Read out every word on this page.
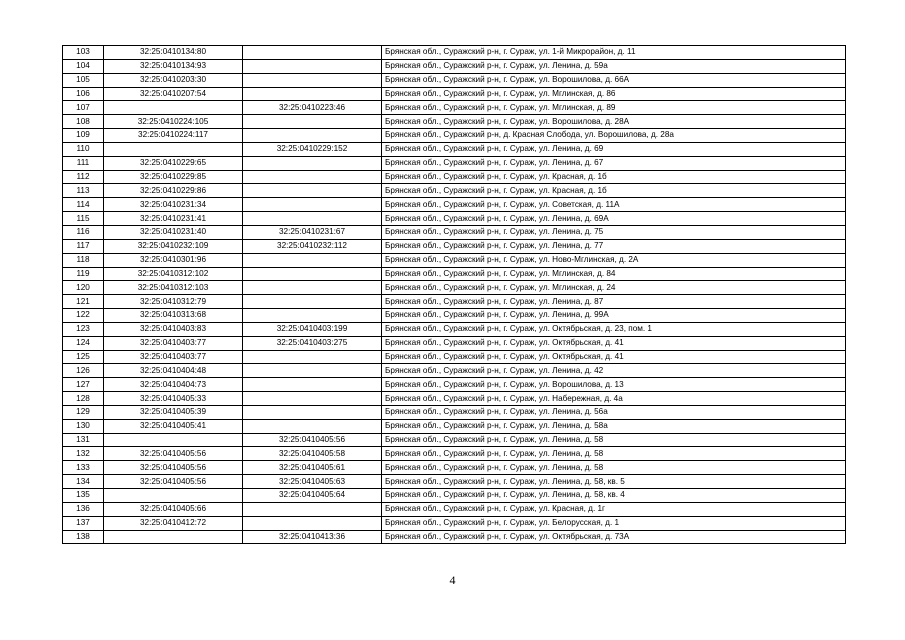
103	32:25:0410134:80		Брянская обл., Суражский р-н, г. Сураж, ул. 1-й Микрорайон, д. 11
104	32:25:0410134:93		Брянская обл., Суражский р-н, г. Сураж, ул. Ленина, д. 59а
105	32:25:0410203:30		Брянская обл., Суражский р-н, г. Сураж, ул. Ворошилова, д. 66А
106	32:25:0410207:54		Брянская обл., Суражский р-н, г. Сураж, ул. Мглинская, д. 86
107		32:25:0410223:46	Брянская обл., Суражский р-н, г. Сураж, ул. Мглинская, д. 89
108	32:25:0410224:105		Брянская обл., Суражский р-н, г. Сураж, ул. Ворошилова, д. 28А
109	32:25:0410224:117		Брянская обл., Суражский р-н, д. Красная Слобода, ул. Ворошилова, д. 28а
110		32:25:0410229:152	Брянская обл., Суражский р-н, г. Сураж, ул. Ленина, д. 69
111	32:25:0410229:65		Брянская обл., Суражский р-н, г. Сураж, ул. Ленина, д. 67
112	32:25:0410229:85		Брянская обл., Суражский р-н, г. Сураж, ул. Красная, д. 1б
113	32:25:0410229:86		Брянская обл., Суражский р-н, г. Сураж, ул. Красная, д. 1б
114	32:25:0410231:34		Брянская обл., Суражский р-н, г. Сураж, ул. Советская, д. 11А
115	32:25:0410231:41		Брянская обл., Суражский р-н, г. Сураж, ул. Ленина, д. 69А
116	32:25:0410231:40	32:25:0410231:67	Брянская обл., Суражский р-н, г. Сураж, ул. Ленина, д. 75
117	32:25:0410232:109	32:25:0410232:112	Брянская обл., Суражский р-н, г. Сураж, ул. Ленина, д. 77
118	32:25:0410301:96		Брянская обл., Суражский р-н, г. Сураж, ул. Ново-Мглинская, д. 2А
119	32:25:0410312:102		Брянская обл., Суражский р-н, г. Сураж, ул. Мглинская, д. 84
120	32:25:0410312:103		Брянская обл., Суражский р-н, г. Сураж, ул. Мглинская, д. 24
121	32:25:0410312:79		Брянская обл., Суражский р-н, г. Сураж, ул. Ленина, д. 87
122	32:25:0410313:68		Брянская обл., Суражский р-н, г. Сураж, ул. Ленина, д. 99А
123	32:25:0410403:83	32:25:0410403:199	Брянская обл., Суражский р-н, г. Сураж, ул. Октябрьская, д. 23, пом. 1
124	32:25:0410403:77	32:25:0410403:275	Брянская обл., Суражский р-н, г. Сураж, ул. Октябрьская, д. 41
125	32:25:0410403:77		Брянская обл., Суражский р-н, г. Сураж, ул. Октябрьская, д. 41
126	32:25:0410404:48		Брянская обл., Суражский р-н, г. Сураж, ул. Ленина, д. 42
127	32:25:0410404:73		Брянская обл., Суражский р-н, г. Сураж, ул. Ворошилова, д. 13
128	32:25:0410405:33		Брянская обл., Суражский р-н, г. Сураж, ул. Набережная, д. 4а
129	32:25:0410405:39		Брянская обл., Суражский р-н, г. Сураж, ул. Ленина, д. 56а
130	32:25:0410405:41		Брянская обл., Суражский р-н, г. Сураж, ул. Ленина, д. 58а
131		32:25:0410405:56	Брянская обл., Суражский р-н, г. Сураж, ул. Ленина, д. 58
132	32:25:0410405:56	32:25:0410405:58	Брянская обл., Суражский р-н, г. Сураж, ул. Ленина, д. 58
133	32:25:0410405:56	32:25:0410405:61	Брянская обл., Суражский р-н, г. Сураж, ул. Ленина, д. 58
134	32:25:0410405:56	32:25:0410405:63	Брянская обл., Суражский р-н, г. Сураж, ул. Ленина, д. 58, кв. 5
135		32:25:0410405:64	Брянская обл., Суражский р-н, г. Сураж, ул. Ленина, д. 58, кв. 4
136	32:25:0410405:66		Брянская обл., Суражский р-н, г. Сураж, ул. Красная, д. 1г
137	32:25:0410412:72		Брянская обл., Суражский р-н, г. Сураж, ул. Белорусская, д. 1
138		32:25:0410413:36	Брянская обл., Суражский р-н, г. Сураж, ул. Октябрьская, д. 73А
4
